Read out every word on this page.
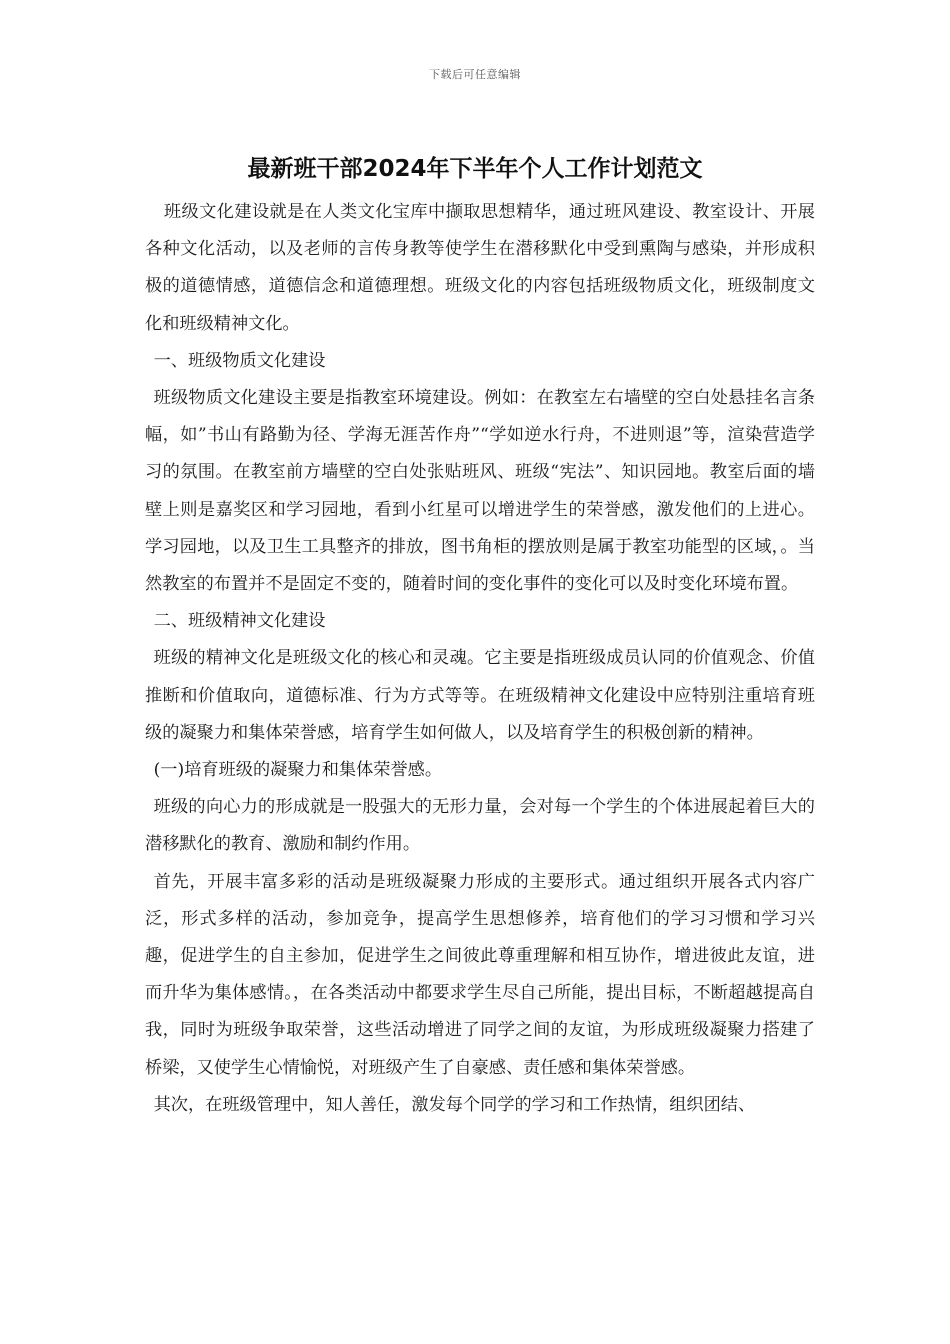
下载后可任意编辑
最新班干部2024年下半年个人工作计划范文

班级文化建设就是在人类文化宝库中撷取思想精华，通过班风建设、教室设计、开展各种文化活动，以及老师的言传身教等使学生在潜移默化中受到熏陶与感染，并形成积极的道德情感，道德信念和道德理想。班级文化的内容包括班级物质文化，班级制度文化和班级精神文化。

一、班级物质文化建设

班级物质文化建设主要是指教室环境建设。例如：在教室左右墙壁的空白处悬挂名言条幅，如”书山有路勤为径、学海无涯苦作舟”“学如逆水行舟，不进则退”等，渲染营造学习的氛围。在教室前方墙壁的空白处张贴班风、班级“宪法”、知识园地。教室后面的墙壁上则是嘉奖区和学习园地，看到小红星可以增进学生的荣誉感，激发他们的上进心。学习园地，以及卫生工具整齐的排放，图书角柜的摆放则是属于教室功能型的区域，。当然教室的布置并不是固定不变的，随着时间的变化事件的变化可以及时变化环境布置。

二、班级精神文化建设

班级的精神文化是班级文化的核心和灵魂。它主要是指班级成员认同的价值观念、价值推断和价值取向，道德标准、行为方式等等。在班级精神文化建设中应特别注重培育班级的凝聚力和集体荣誉感，培育学生如何做人，以及培育学生的积极创新的精神。

(一)培育班级的凝聚力和集体荣誉感。

班级的向心力的形成就是一股强大的无形力量，会对每一个学生的个体进展起着巨大的潜移默化的教育、激励和制约作用。

首先，开展丰富多彩的活动是班级凝聚力形成的主要形式。通过组织开展各式内容广泛，形式多样的活动，参加竞争，提高学生思想修养，培育他们的学习习惯和学习兴趣，促进学生的自主参加，促进学生之间彼此尊重理解和相互协作，增进彼此友谊，进而升华为集体感情。，在各类活动中都要求学生尽自己所能，提出目标，不断超越提高自我，同时为班级争取荣誉，这些活动增进了同学之间的友谊，为形成班级凝聚力搭建了桥梁，又使学生心情愉悦，对班级产生了自豪感、责任感和集体荣誉感。

其次，在班级管理中，知人善任，激发每个同学的学习和工作热情，组织团结、
